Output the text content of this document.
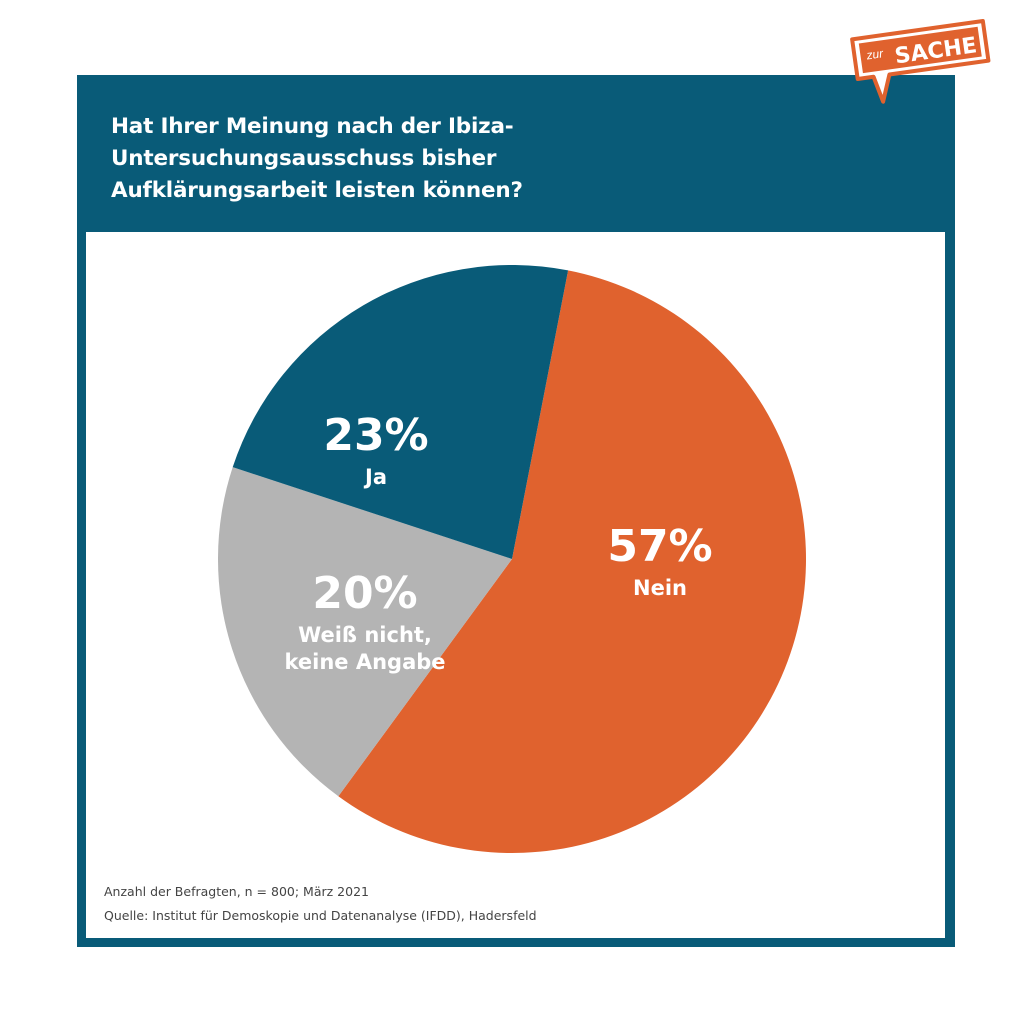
Hat Ihrer Meinung nach der Ibiza-
Untersuchungsausschuss bisher
Aufklärungsarbeit leisten können?
57%
Nein
20%
Weiß nicht,
keine Angabe
23%
Ja
Anzahl der Befragten, n = 800; März 2021
Quelle: Institut für Demoskopie und Datenanalyse (IFDD), Hadersfeld
zur SACHE
